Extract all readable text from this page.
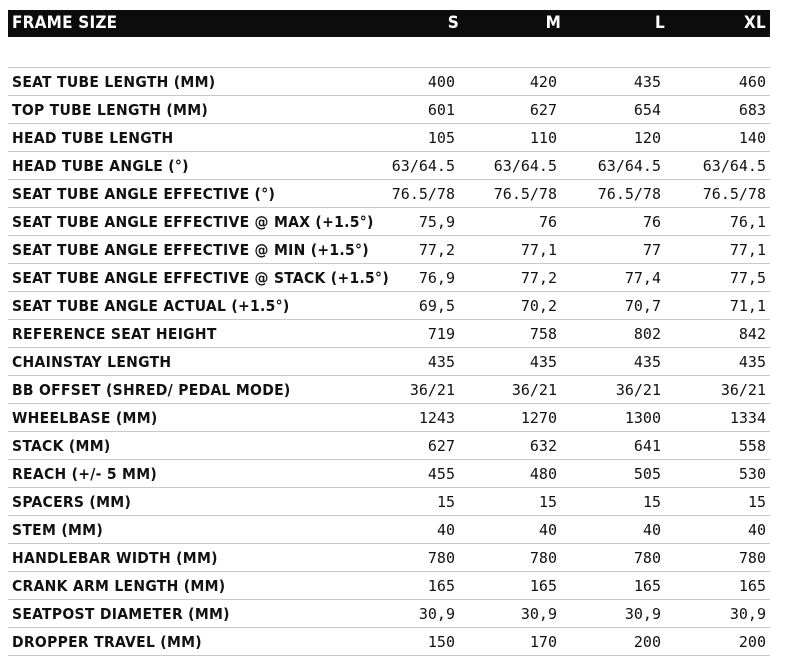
FRAME SIZE	S	M	L	XL
SEAT TUBE LENGTH (MM)	400	420	435	460
TOP TUBE LENGTH (MM)	601	627	654	683
HEAD TUBE LENGTH	105	110	120	140
HEAD TUBE ANGLE (°)	63/64.5	63/64.5	63/64.5	63/64.5
SEAT TUBE ANGLE EFFECTIVE (°)	76.5/78	76.5/78	76.5/78	76.5/78
SEAT TUBE ANGLE EFFECTIVE @ MAX (+1.5°)	75,9	76	76	76,1
SEAT TUBE ANGLE EFFECTIVE @ MIN (+1.5°)	77,2	77,1	77	77,1
SEAT TUBE ANGLE EFFECTIVE @ STACK (+1.5°)	76,9	77,2	77,4	77,5
SEAT TUBE ANGLE ACTUAL (+1.5°)	69,5	70,2	70,7	71,1
REFERENCE SEAT HEIGHT	719	758	802	842
CHAINSTAY LENGTH	435	435	435	435
BB OFFSET (SHRED/ PEDAL MODE)	36/21	36/21	36/21	36/21
WHEELBASE (MM)	1243	1270	1300	1334
STACK (MM)	627	632	641	558
REACH (+/- 5 MM)	455	480	505	530
SPACERS (MM)	15	15	15	15
STEM (MM)	40	40	40	40
HANDLEBAR WIDTH (MM)	780	780	780	780
CRANK ARM LENGTH (MM)	165	165	165	165
SEATPOST DIAMETER (MM)	30,9	30,9	30,9	30,9
DROPPER TRAVEL (MM)	150	170	200	200
